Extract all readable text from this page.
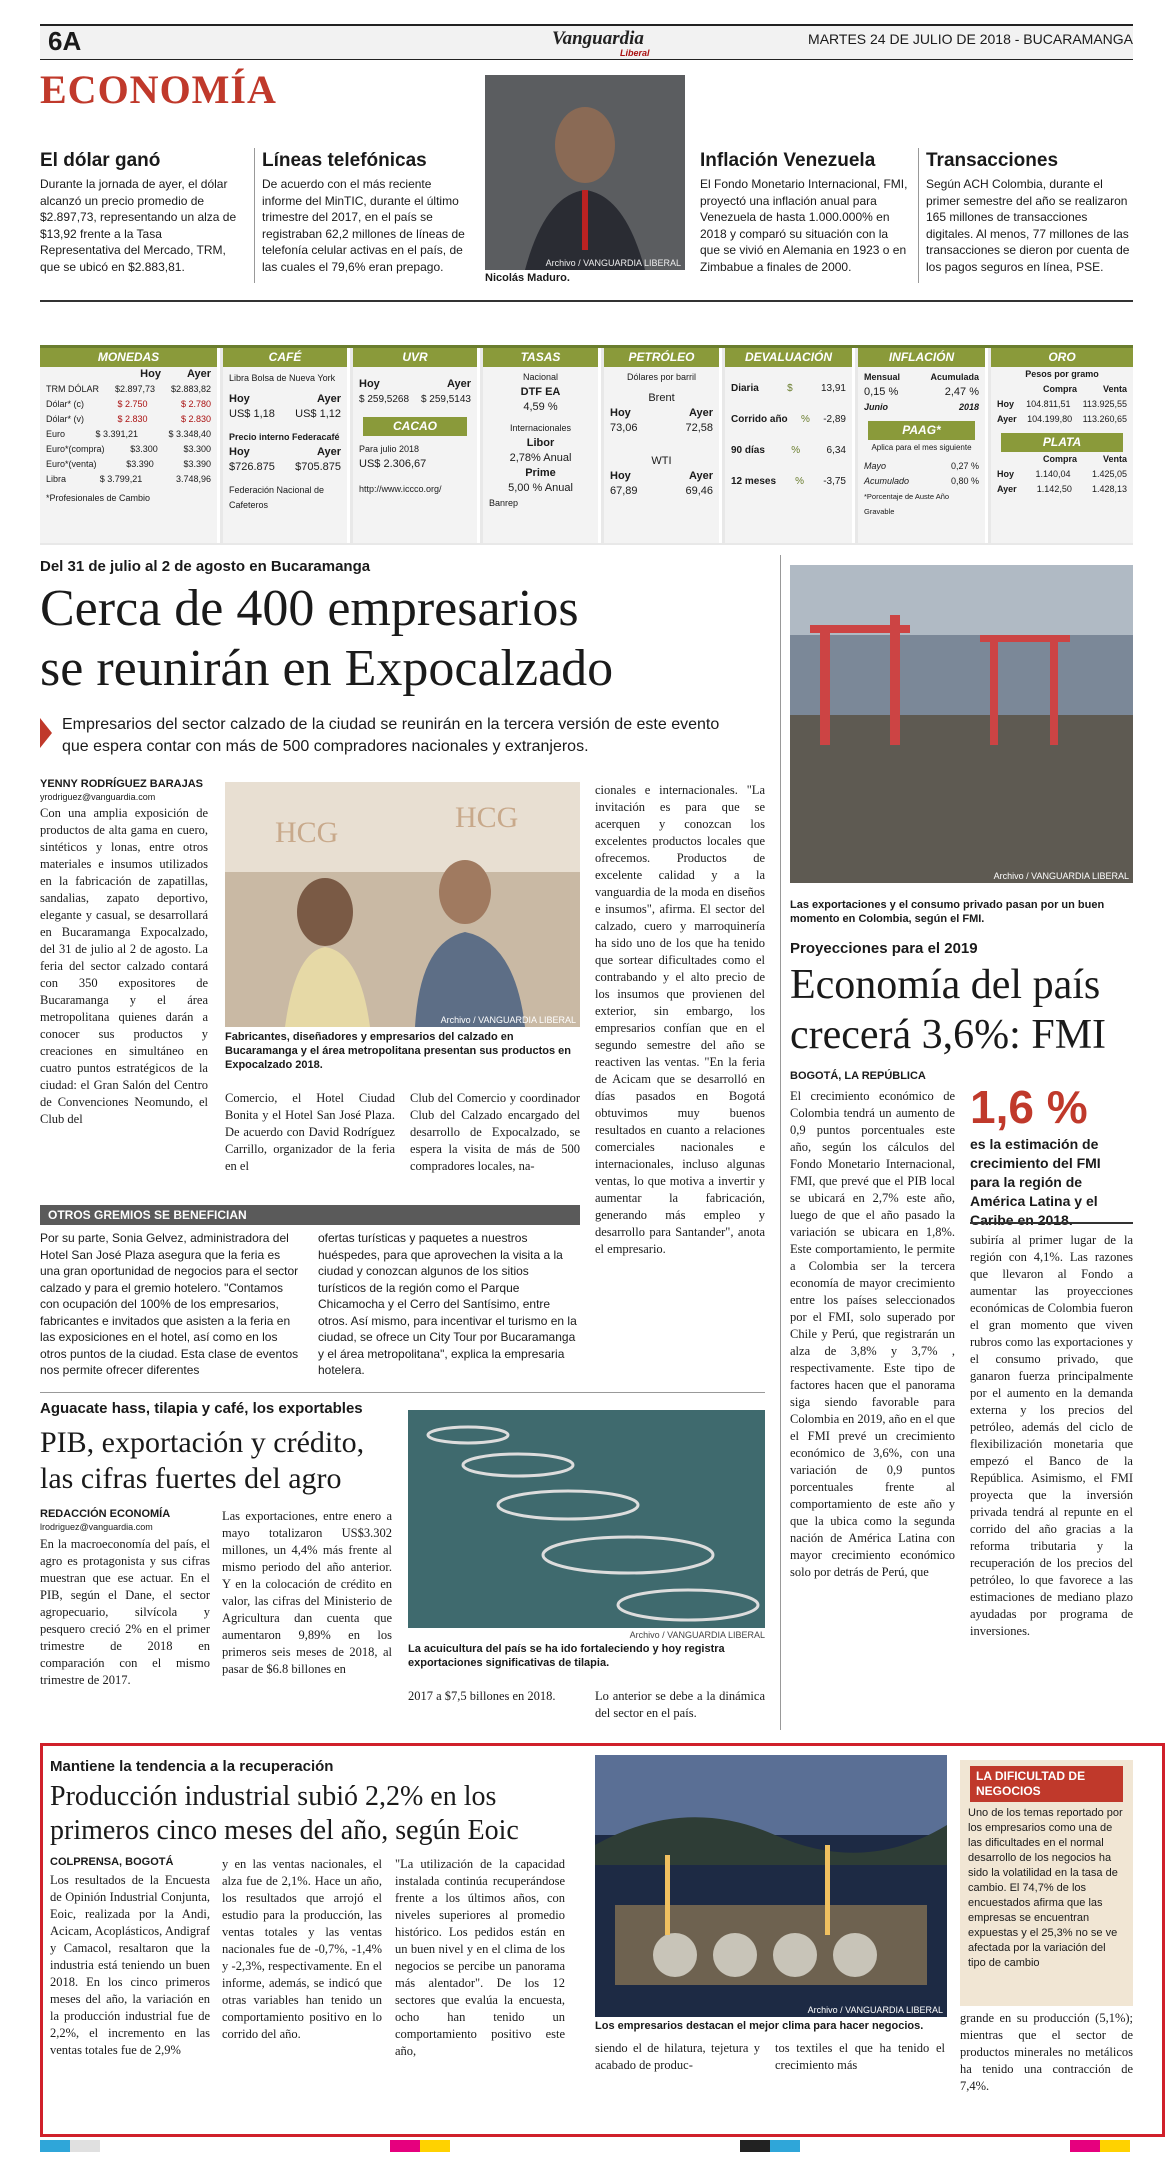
6A	Vanguardia
Liberal
MARTES 24 DE JULIO DE 2018 - BUCARAMANGA
ECONOMÍA
El dólar ganó
Durante la jornada de ayer, el dólar alcanzó un precio promedio de $2.897,73, representando un alza de $13,92 frente a la Tasa Representativa del Mercado, TRM, que se ubicó en $2.883,81.
Líneas telefónicas
De acuerdo con el más reciente informe del MinTIC, durante el último trimestre del 2017, en el país se registraban 62,2 millones de líneas de telefonía celular activas en el país, de las cuales el 79,6% eran prepago.	Archivo / VANGUARDIA LIBERAL
Nicolás Maduro.
Inflación Venezuela
El Fondo Monetario Internacional, FMI, proyectó una inflación anual para Venezuela de hasta 1.000.000% en 2018 y comparó su situación con la que se vivió en Alemania en 1923 o en Zimbabue a finales de 2000.
Transacciones
Según ACH Colombia, durante el primer semestre del año se realizaron 165 millones de transacciones digitales. Al menos, 77 millones de las transacciones se dieron por cuenta de los pagos seguros en línea, PSE.
MONEDAS
Hoy Ayer
TRM DÓLAR $2.897,73 $2.883,82
Dólar* (c)	$ 2.750	$ 2.780
Dólar* (v)	$ 2.830	$ 2.830
Euro	$ 3.391,21	$ 3.348,40
Euro*(compra)	$3.300	$3.300
Euro*(venta)	$3.390	$3.390
Libra	$ 3.799,21	3.748,96
*Profesionales de Cambio
CAFÉ
Libra Bolsa de Nueva York
Hoy	Ayer
US$ 1,18 US$ 1,12
Precio interno Federacafé
Hoy	Ayer
$726.875 $705.875
Federación Nacional de Cafeteros
UVR
Hoy	Ayer
$ 259,5268 $ 259,5143
CACAO
Para julio 2018
US$ 2.306,67
http://www.iccco.org/
TASAS
Nacional
DTF EA
4,59 %
Internacionales
Libor
2,78% Anual
Prime
5,00 % Anual
Banrep
PETRÓLEO
Dólares por barril
Brent
Hoy	Ayer
73,06	72,58
WTI
Hoy	Ayer
67,89	69,46
DEVALUACIÓN
Diaria	$	13,91
Corrido año % -2,89
90 días	%	6,34
12 meses % -3,75
INFLACIÓN
Mensual	Acumulada
0,15 %	2,47 %
Junio	2018
PAAG*
Aplica para el mes siguiente
Mayo	0,27 %
Acumulado	0,80 %
*Porcentaje de Auste Año Gravable
ORO
Pesos por gramo
Compra	Venta
Hoy 104.811,51 113.925,55
Ayer 104.199,80 113.260,65
PLATA
Compra	Venta
Hoy 1.140,04 1.425,05
Ayer 1.142,50 1.428,13
Del 31 de julio al 2 de agosto en Bucaramanga
Cerca de 400 empresarios
se reunirán en Expocalzado
Empresarios del sector calzado de la ciudad se reunirán en la tercera versión de este evento que espera contar con más de 500 compradores nacionales y extranjeros.
YENNY RODRÍGUEZ BARAJAS
yrodriguez@vanguardia.com
Con una amplia exposición de productos de alta gama en cuero, sintéticos y lonas, entre otros materiales e insumos utilizados en la fabricación de zapatillas, sandalias, zapato deportivo, elegante y casual, se desarrollará en Bucaramanga Expocalzado, del 31 de julio al 2 de agosto. La feria del sector calzado contará con 350 expositores de Bucaramanga y el área metropolitana quienes darán a conocer sus productos y creaciones en simultáneo en cuatro puntos estratégicos de la ciudad: el Gran Salón del Centro de Convenciones Neomundo, el Club del
HCG	HCG
Archivo / VANGUARDIA LIBERAL
Fabricantes, diseñadores y empresarios del calzado en Bucaramanga y el área metropolitana presentan sus productos en Expocalzado 2018.
Comercio, el Hotel Ciudad Bonita y el Hotel San José Plaza. De acuerdo con David Rodríguez Carrillo, organizador de la feria en el
Club del Comercio y coordinador Club del Calzado encargado del desarrollo de Expocalzado, se espera la visita de más de 500 compradores locales, na-
cionales e internacionales. "La invitación es para que se acerquen y conozcan los excelentes productos locales que ofrecemos. Productos de excelente calidad y a la vanguardia de la moda en diseños e insumos", afirma. El sector del calzado, cuero y marroquinería ha sido uno de los que ha tenido que sortear dificultades como el contrabando y el alto precio de los insumos que provienen del exterior, sin embargo, los empresarios confían que en el segundo semestre del año se reactiven las ventas. "En la feria de Acicam que se desarrolló en días pasados en Bogotá obtuvimos muy buenos resultados en cuanto a relaciones comerciales nacionales e internacionales, incluso algunas ventas, lo que motiva a invertir y aumentar la fabricación, generando más empleo y desarrollo para Santander", anota el empresario.
OTROS GREMIOS SE BENEFICIAN
Por su parte, Sonia Gelvez, administradora del Hotel San José Plaza asegura que la feria es una gran oportunidad de negocios para el sector calzado y para el gremio hotelero. "Contamos con ocupación del 100% de los empresarios, fabricantes e invitados que asisten a la feria en las exposiciones en el hotel, así como en los otros puntos de la ciudad. Esta clase de eventos nos permite ofrecer diferentes
ofertas turísticas y paquetes a nuestros huéspedes, para que aprovechen la visita a la ciudad y conozcan algunos de los sitios turísticos de la región como el Parque Chicamocha y el Cerro del Santísimo, entre otros. Así mismo, para incentivar el turismo en la ciudad, se ofrece un City Tour por Bucaramanga y el área metropolitana", explica la empresaria hotelera.
Archivo / VANGUARDIA LIBERAL
Las exportaciones y el consumo privado pasan por un buen momento en Colombia, según el FMI.
Proyecciones para el 2019
Economía del país
crecerá 3,6%: FMI
BOGOTÁ, LA REPÚBLICA
El crecimiento económico de Colombia tendrá un aumento de 0,9 puntos porcentuales este año, según los cálculos del Fondo Monetario Internacional, FMI, que prevé que el PIB local se ubicará en 2,7% este año, luego de que el año pasado la variación se ubicara en 1,8%. Este comportamiento, le permite a Colombia ser la tercera economía de mayor crecimiento entre los países seleccionados por el FMI, solo superado por Chile y Perú, que registrarán un alza de 3,8% y 3,7% , respectivamente. Este tipo de factores hacen que el panorama siga siendo favorable para Colombia en 2019, año en el que el FMI prevé un crecimiento económico de 3,6%, con una variación de 0,9 puntos porcentuales frente al comportamiento de este año y que la ubica como la segunda nación de América Latina con mayor crecimiento económico solo por detrás de Perú, que
1,6 %
es la estimación de crecimiento del FMI para la región de América Latina y el Caribe en 2018.
subiría al primer lugar de la región con 4,1%. Las razones que llevaron al Fondo a aumentar las proyecciones económicas de Colombia fueron el gran momento que viven rubros como las exportaciones y el consumo privado, que ganaron fuerza principalmente por el aumento en la demanda externa y los precios del petróleo, además del ciclo de flexibilización monetaria que empezó el Banco de la República. Asimismo, el FMI proyecta que la inversión privada tendrá al repunte en el corrido del año gracias a la reforma tributaria y la recuperación de los precios del petróleo, lo que favorece a las estimaciones de mediano plazo ayudadas por programa de inversiones.
Aguacate hass, tilapia y café, los exportables
PIB, exportación y crédito,
las cifras fuertes del agro
REDACCIÓN ECONOMÍA
lrodriguez@vanguardia.com
En la macroeconomía del país, el agro es protagonista y sus cifras muestran que ese actuar. En el PIB, según el Dane, el sector agropecuario, silvícola y pesquero creció 2% en el primer trimestre de 2018 en comparación con el mismo trimestre de 2017.
Las exportaciones, entre enero a mayo totalizaron US$3.302 millones, un 4,4% más frente al mismo periodo del año anterior. Y en la colocación de crédito en valor, las cifras del Ministerio de Agricultura dan cuenta que aumentaron 9,89% en los primeros seis meses de 2018, al pasar de $6.8 billones en
Archivo / VANGUARDIA LIBERAL
La acuicultura del país se ha ido fortaleciendo y hoy registra exportaciones significativas de tilapia.
2017 a $7,5 billones en 2018.	Lo anterior se debe a la dinámica del sector en el país.
Mantiene la tendencia a la recuperación
Producción industrial subió 2,2% en los
primeros cinco meses del año, según Eoic
COLPRENSA, BOGOTÁ
Los resultados de la Encuesta de Opinión Industrial Conjunta, Eoic, realizada por la Andi, Acicam, Acoplásticos, Andigraf y Camacol, resaltaron que la industria está teniendo un buen 2018. En los cinco primeros meses del año, la variación en la producción industrial fue de 2,2%, el incremento en las ventas totales fue de 2,9%
y en las ventas nacionales, el alza fue de 2,1%. Hace un año, los resultados que arrojó el estudio para la producción, las ventas totales y las ventas nacionales fue de -0,7%, -1,4% y -2,3%, respectivamente. En el informe, además, se indicó que otras variables han tenido un comportamiento positivo en lo corrido del año.
"La utilización de la capacidad instalada continúa recuperándose frente a los últimos años, con niveles superiores al promedio histórico. Los pedidos están en un buen nivel y en el clima de los negocios se percibe un panorama más alentador". De los 12 sectores que evalúa la encuesta, ocho han tenido un comportamiento positivo este año,
Archivo / VANGUARDIA LIBERAL
Los empresarios destacan el mejor clima para hacer negocios.
siendo el de hilatura, tejetura y acabado de produc-
tos textiles el que ha tenido el crecimiento más
LA DIFICULTAD DE NEGOCIOS
Uno de los temas reportado por los empresarios como una de las dificultades en el normal desarrollo de los negocios ha sido la volatilidad en la tasa de cambio. El 74,7% de los encuestados afirma que las empresas se encuentran expuestas y el 25,3% no se ve afectada por la variación del tipo de cambio
grande en su producción (5,1%); mientras que el sector de productos minerales no metálicos ha tenido una contracción de 7,4%.
